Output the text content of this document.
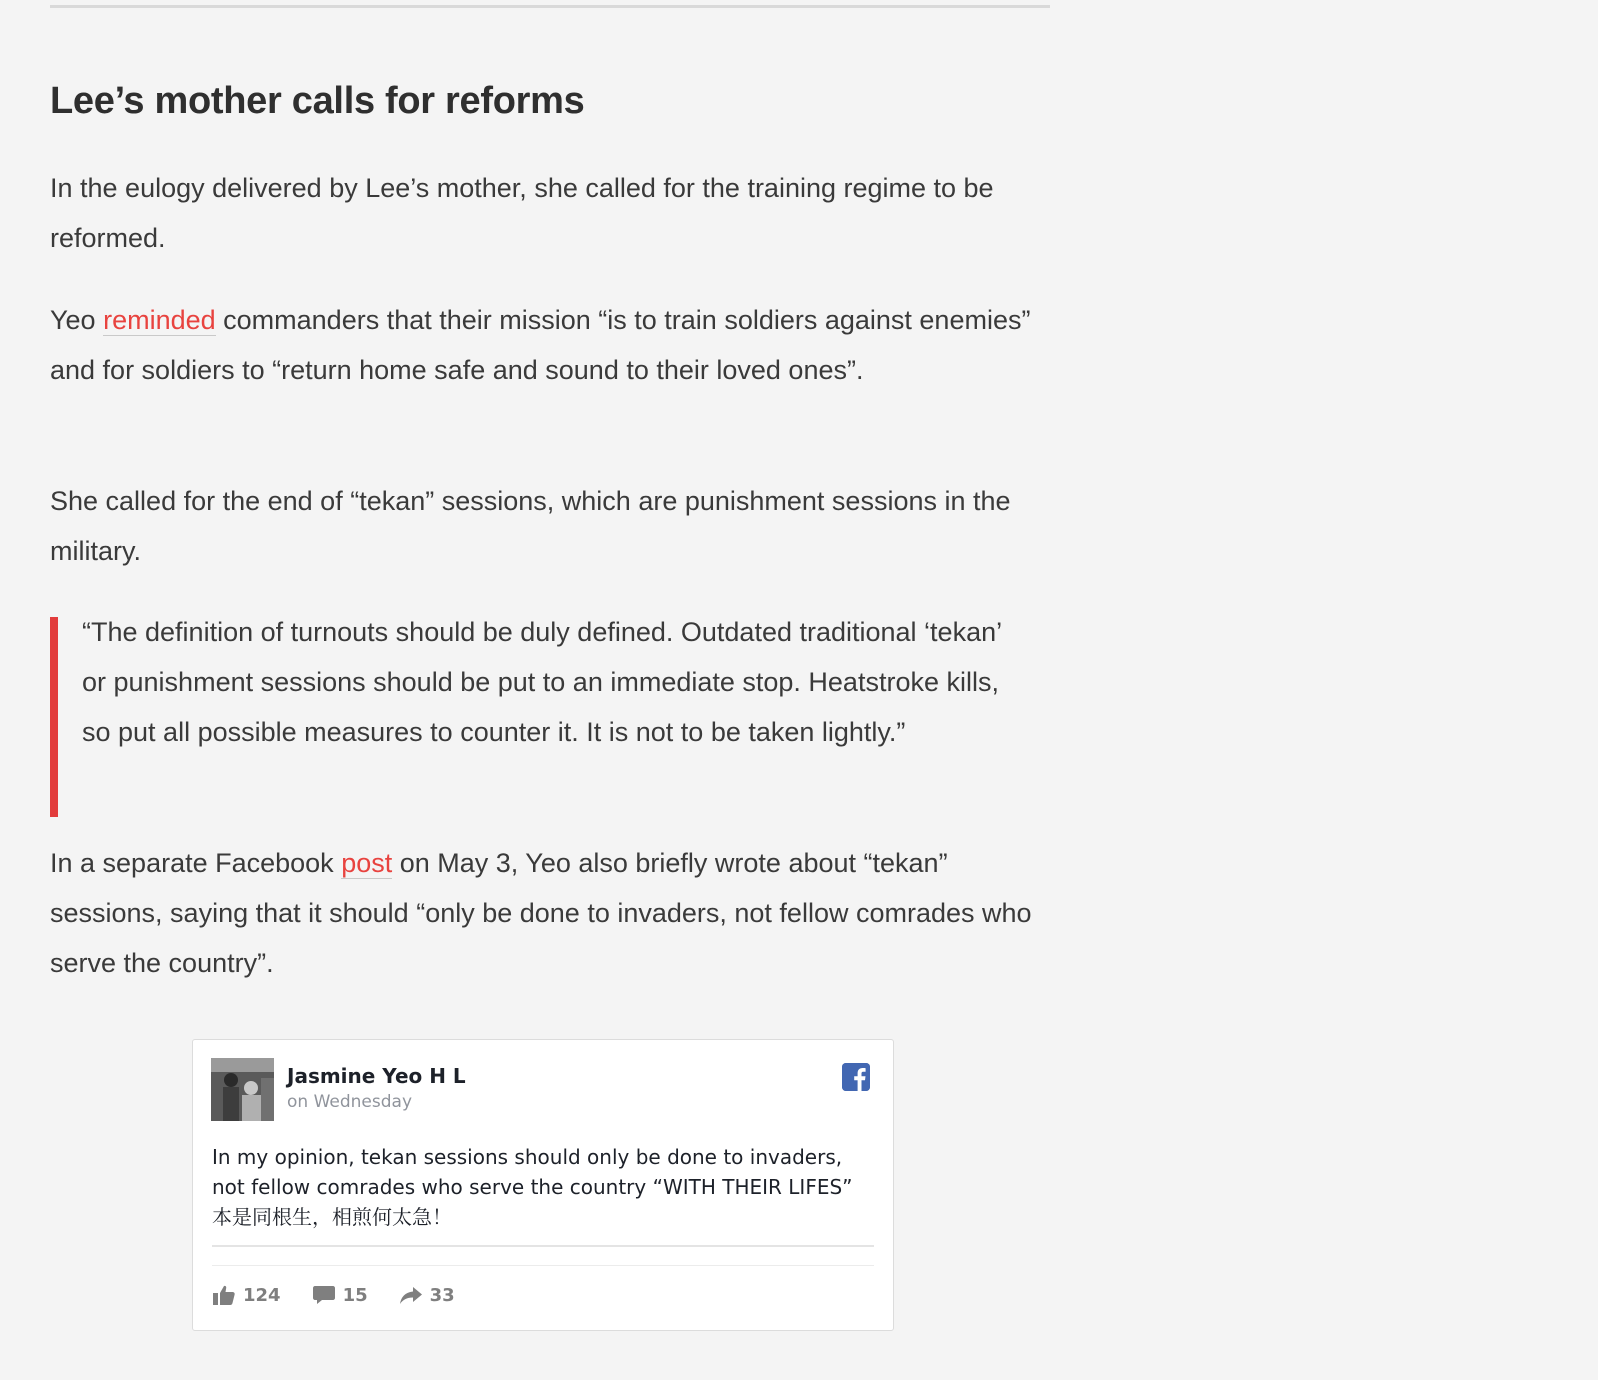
Lee’s mother calls for reforms

In the eulogy delivered by Lee’s mother, she called for the training regime to be reformed.

Yeo reminded commanders that their mission “is to train soldiers against enemies” and for soldiers to “return home safe and sound to their loved ones”.

She called for the end of “tekan” sessions, which are punishment sessions in the military.

“The definition of turnouts should be duly defined. Outdated traditional ‘tekan’ or punishment sessions should be put to an immediate stop. Heatstroke kills, so put all possible measures to counter it. It is not to be taken lightly.”

In a separate Facebook post on May 3, Yeo also briefly wrote about “tekan” sessions, saying that it should “only be done to invaders, not fellow comrades who serve the country”.

Jasmine Yeo H L
on Wednesday
In my opinion, tekan sessions should only be done to invaders,
not fellow comrades who serve the country “WITH THEIR LIFES”
本是同根生，相煎何太急！
124	15	33
